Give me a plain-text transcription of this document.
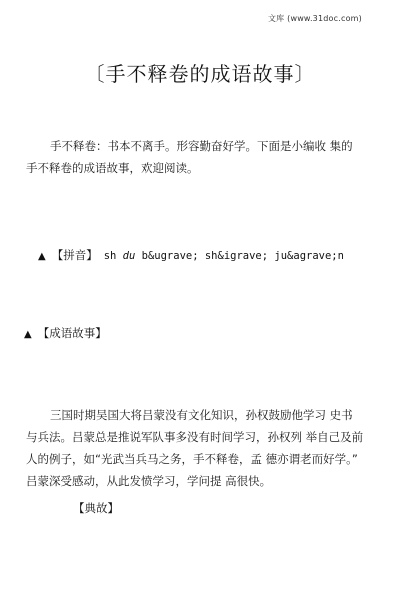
文库 (www.31doc.com)
〔手不释卷的成语故事〕
手不释卷：书本不离手。形容勤奋好学。下面是小编收 集的
手不释卷的成语故事，欢迎阅读。
▲ 【拼音】 sh du b&ugrave; sh&igrave; ju&agrave;n
▲ 【成语故事】
三国时期吴国大将吕蒙没有文化知识，孙权鼓励他学习 史书
与兵法。吕蒙总是推说军队事多没有时间学习，孙权列 举自己及前
人的例子，如“光武当兵马之务，手不释卷，孟 德亦谓老而好学。”
吕蒙深受感动，从此发愤学习，学问提 高很快。
【典故】
